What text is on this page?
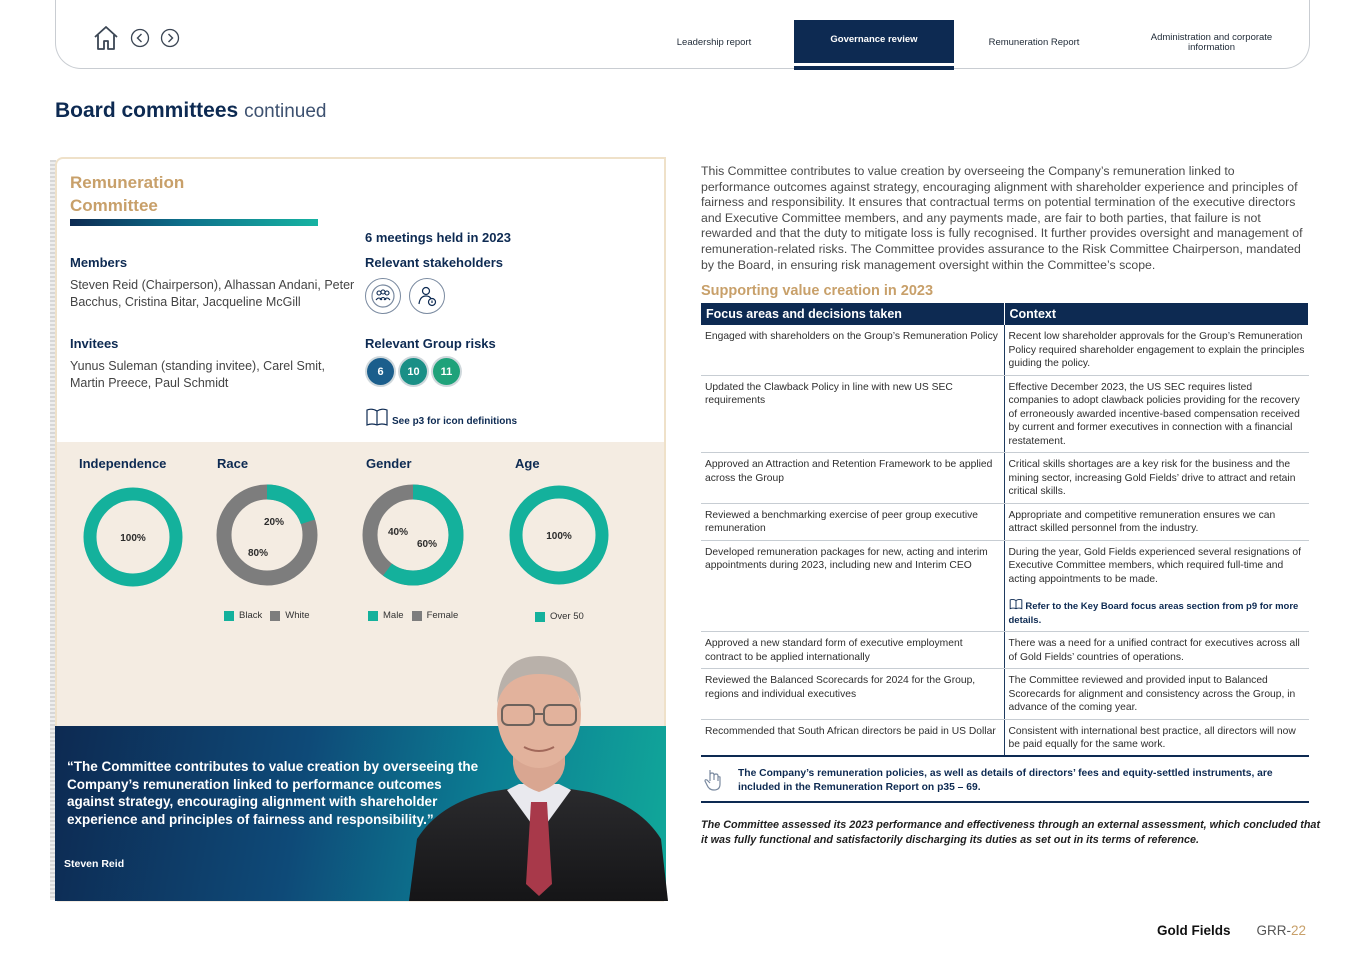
Leadership report	Governance review	Remuneration Report	Administration and corporate information
Board committees continued
Remuneration Committee
6 meetings held in 2023
Members
Steven Reid (Chairperson), Alhassan Andani, Peter Bacchus, Cristina Bitar, Jacqueline McGill
Relevant stakeholders
Invitees
Yunus Suleman (standing invitee), Carel Smit, Martin Preece, Paul Schmidt
Relevant Group risks
6	10	11
See p3 for icon definitions
Independence	Race	Gender	Age
100%
20%
80%
40%
60%
100%
Black White	Male Female	Over 50
“The Committee contributes to value creation by overseeing the Company’s remuneration linked to performance outcomes against strategy, encouraging alignment with shareholder experience and principles of fairness and responsibility.”
Steven Reid
This Committee contributes to value creation by overseeing the Company’s remuneration linked to performance outcomes against strategy, encouraging alignment with shareholder experience and principles of fairness and responsibility. It ensures that contractual terms on potential termination of the executive directors and Executive Committee members, and any payments made, are fair to both parties, that failure is not rewarded and that the duty to mitigate loss is fully recognised. It further provides oversight and management of remuneration-related risks. The Committee provides assurance to the Risk Committee Chairperson, mandated by the Board, in ensuring risk management oversight within the Committee’s scope.
Supporting value creation in 2023
Focus areas and decisions taken	Context
Engaged with shareholders on the Group’s Remuneration Policy	Recent low shareholder approvals for the Group’s Remuneration Policy required shareholder engagement to explain the principles guiding the policy.
Updated the Clawback Policy in line with new US SEC requirements	Effective December 2023, the US SEC requires listed companies to adopt clawback policies providing for the recovery of erroneously awarded incentive-based compensation received by current and former executives in connection with a financial restatement.
Approved an Attraction and Retention Framework to be applied across the Group	Critical skills shortages are a key risk for the business and the mining sector, increasing Gold Fields’ drive to attract and retain critical skills.
Reviewed a benchmarking exercise of peer group executive remuneration	Appropriate and competitive remuneration ensures we can attract skilled personnel from the industry.
Developed remuneration packages for new, acting and interim appointments during 2023, including new and Interim CEO	During the year, Gold Fields experienced several resignations of Executive Committee members, which required full-time and acting appointments to be made.
Refer to the Key Board focus areas section from p9 for more details.

Approved a new standard form of executive employment contract to be applied internationally	There was a need for a unified contract for executives across all of Gold Fields’ countries of operations.
Reviewed the Balanced Scorecards for 2024 for the Group, regions and individual executives	The Committee reviewed and provided input to Balanced Scorecards for alignment and consistency across the Group, in advance of the coming year.
Recommended that South African directors be paid in US Dollar	Consistent with international best practice, all directors will now be paid equally for the same work.
The Company’s remuneration policies, as well as details of directors’ fees and equity-settled instruments, are included in the Remuneration Report on p35 – 69.
The Committee assessed its 2023 performance and effectiveness through an external assessment, which concluded that it was fully functional and satisfactorily discharging its duties as set out in its terms of reference.
Gold Fields GRR-22
